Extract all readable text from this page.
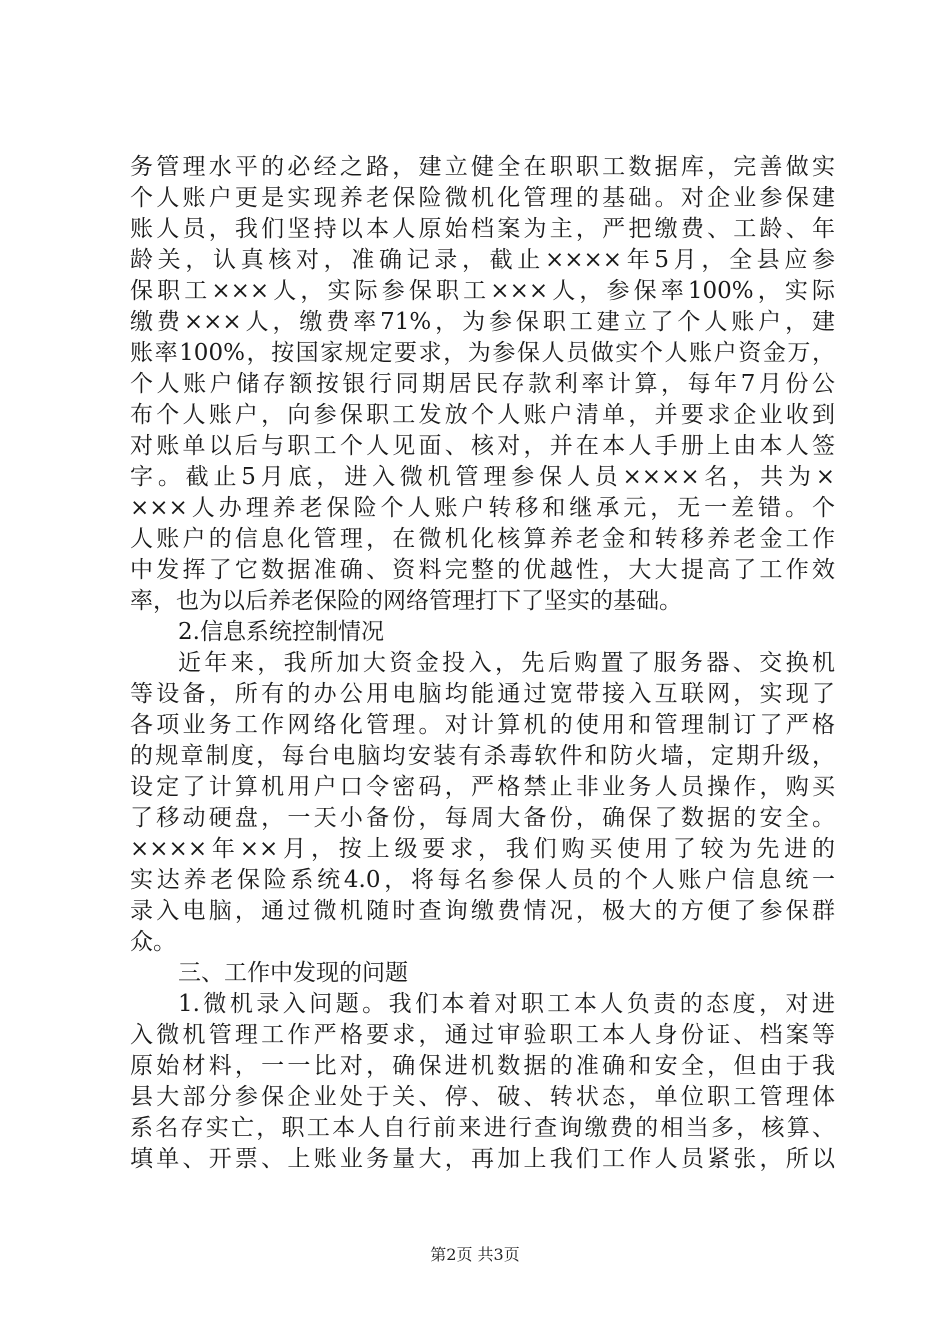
务管理水平的必经之路，建立健全在职职工数据库，完善做实
个人账户更是实现养老保险微机化管理的基础。对企业参保建
账人员，我们坚持以本人原始档案为主，严把缴费、工龄、年
龄关，认真核对，准确记录，截止××××年5月，全县应参
保职工×××人，实际参保职工×××人，参保率100%，实际
缴费×××人，缴费率71%，为参保职工建立了个人账户，建
账率100%，按国家规定要求，为参保人员做实个人账户资金万，
个人账户储存额按银行同期居民存款利率计算，每年7月份公
布个人账户，向参保职工发放个人账户清单，并要求企业收到
对账单以后与职工个人见面、核对，并在本人手册上由本人签
字。截止5月底，进入微机管理参保人员××××名，共为×
×××人办理养老保险个人账户转移和继承元，无一差错。个
人账户的信息化管理，在微机化核算养老金和转移养老金工作
中发挥了它数据准确、资料完整的优越性，大大提高了工作效
率，也为以后养老保险的网络管理打下了坚实的基础。
2.信息系统控制情况
近年来，我所加大资金投入，先后购置了服务器、交换机
等设备，所有的办公用电脑均能通过宽带接入互联网，实现了
各项业务工作网络化管理。对计算机的使用和管理制订了严格
的规章制度，每台电脑均安装有杀毒软件和防火墙，定期升级，
设定了计算机用户口令密码，严格禁止非业务人员操作，购买
了移动硬盘，一天小备份，每周大备份，确保了数据的安全。
××××年××月，按上级要求，我们购买使用了较为先进的
实达养老保险系统4.0，将每名参保人员的个人账户信息统一
录入电脑，通过微机随时查询缴费情况，极大的方便了参保群
众。
三、工作中发现的问题
1.微机录入问题。我们本着对职工本人负责的态度，对进
入微机管理工作严格要求，通过审验职工本人身份证、档案等
原始材料，一一比对，确保进机数据的准确和安全，但由于我
县大部分参保企业处于关、停、破、转状态，单位职工管理体
系名存实亡，职工本人自行前来进行查询缴费的相当多，核算、
填单、开票、上账业务量大，再加上我们工作人员紧张，所以
第2页 共3页
